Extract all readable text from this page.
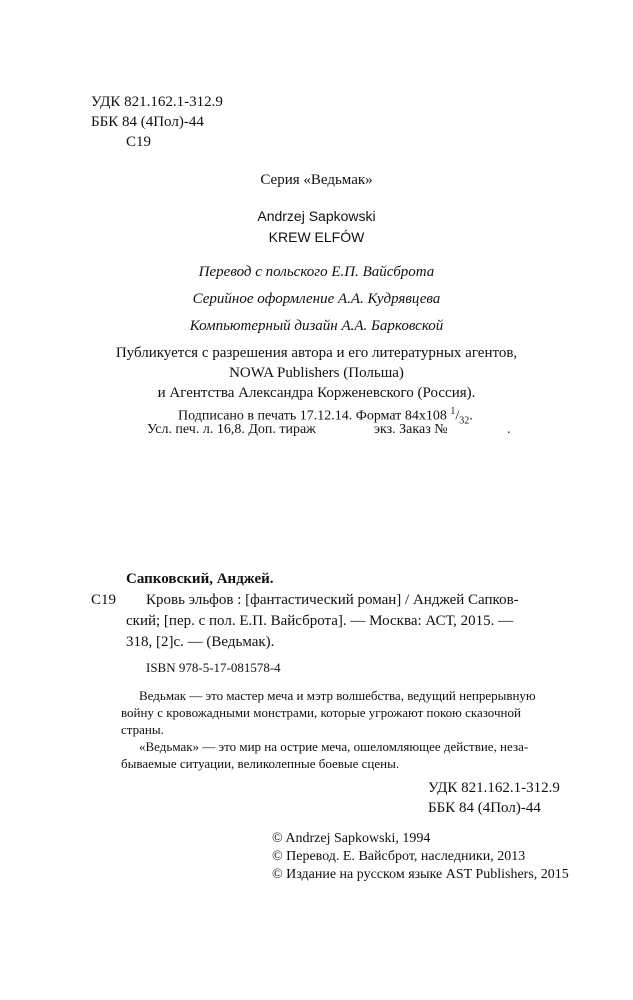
УДК 821.162.1-312.9
ББК 84 (4Пол)-44
С19
Серия «Ведьмак»
Andrzej Sapkowski
KREW ELFÓW
Перевод с польского Е.П. Вайсброта
Серийное оформление А.А. Кудрявцева
Компьютерный дизайн А.А. Барковской
Публикуется с разрешения автора и его литературных агентов,
NOWA Publishers (Польша)
и Агентства Александра Корженевского (Россия).
Подписано в печать 17.12.14. Формат 84х108 $^1/_{32}$.
Усл. печ. л. 16,8. Доп. тираж	экз. Заказ №	.
Сапковский, Анджей.
С19 Кровь эльфов : [фантастический роман] / Анджей Сапков-
ский; [пер. с пол. Е.П. Вайсброта]. — Москва: АСТ, 2015. —
318, [2]с. — (Ведьмак).
ISBN 978-5-17-081578-4
Ведьмак — это мастер меча и мэтр волшебства, ведущий непрерывную
войну с кровожадными монстрами, которые угрожают покою сказочной
страны.
«Ведьмак» — это мир на острие меча, ошеломляющее действие, неза-
бываемые ситуации, великолепные боевые сцены.
УДК 821.162.1-312.9
ББК 84 (4Пол)-44
© Andrzej Sapkowski, 1994
© Перевод. Е. Вайсброт, наследники, 2013
© Издание на русском языке AST Publishers, 2015
